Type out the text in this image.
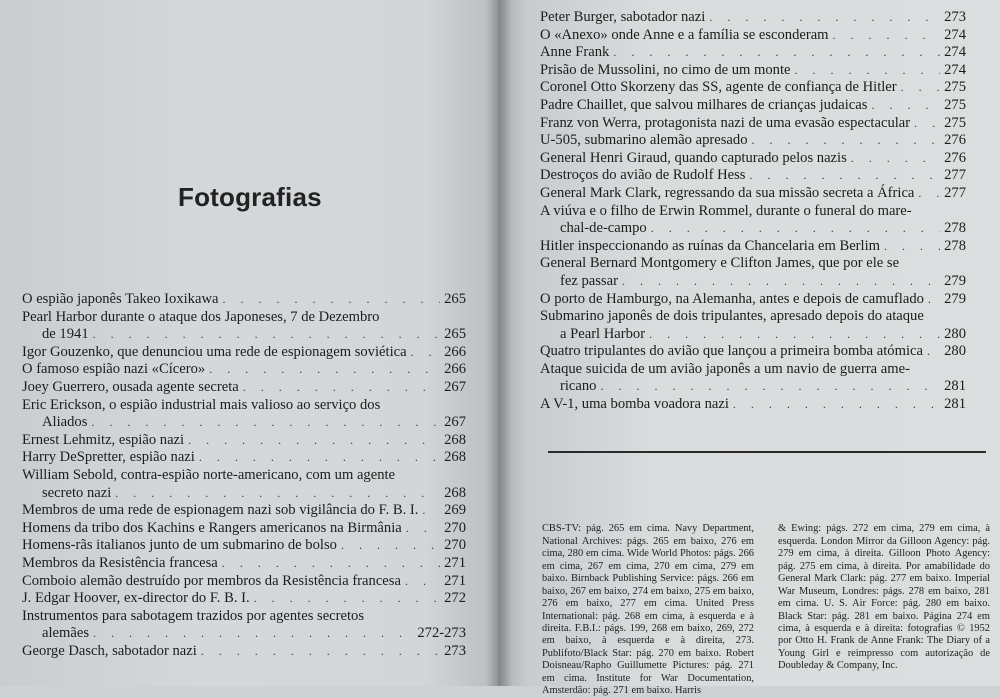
Fotografias
O espião japonês Takeo Ioxikawa . . .	265
Pearl Harbor durante o ataque dos Japoneses, 7 de Dezembro
de 1941 . . .	265
Igor Gouzenko, que denunciou uma rede de espionagem soviética . . .	266
O famoso espião nazi «Cícero» . . .	266
Joey Guerrero, ousada agente secreta . . .	267
Eric Erickson, o espião industrial mais valioso ao serviço dos
Aliados . . .	267
Ernest Lehmitz, espião nazi . . .	268
Harry DeSpretter, espião nazi . . .	268
William Sebold, contra-espião norte-americano, com um agente
secreto nazi . . .	268
Membros de uma rede de espionagem nazi sob vigilância do F. B. I. . . . 269
Homens da tribo dos Kachins e Rangers americanos na Birmânia . . .	270
Homens-rãs italianos junto de um submarino de bolso . . .	270
Membros da Resistência francesa . . .	271
Comboio alemão destruído por membros da Resistência francesa . . .	271
J. Edgar Hoover, ex-director do F. B. I. . . .	272
Instrumentos para sabotagem trazidos por agentes secretos
alemães . . .	272-273
George Dasch, sabotador nazi . . .	273
Peter Burger, sabotador nazi . . .	273
O «Anexo» onde Anne e a família se esconderam . . .	274
Anne Frank . . .	274
Prisão de Mussolini, no cimo de um monte . . .	274
Coronel Otto Skorzeny das SS, agente de confiança de Hitler . . .	275
Padre Chaillet, que salvou milhares de crianças judaicas . . .	275
Franz von Werra, protagonista nazi de uma evasão espectacular . . . 275
U-505, submarino alemão apresado . . .	276
General Henri Giraud, quando capturado pelos nazis . . .	276
Destroços do avião de Rudolf Hess . . .	277
General Mark Clark, regressando da sua missão secreta a África . . . 277
A viúva e o filho de Erwin Rommel, durante o funeral do mare-
chal-de-campo . . .	278
Hitler inspeccionando as ruínas da Chancelaria em Berlim . . .	278
General Bernard Montgomery e Clifton James, que por ele se
fez passar . . .	279
O porto de Hamburgo, na Alemanha, antes e depois de camuflado . . . 279
Submarino japonês de dois tripulantes, apresado depois do ataque
a Pearl Harbor . . .	280
Quatro tripulantes do avião que lançou a primeira bomba atómica . . . 280
Ataque suicida de um avião japonês a um navio de guerra ame-
ricano . . .	281
A V-1, uma bomba voadora nazi . . .	281

CBS-TV: pág. 265 em cima. Navy Department, National Archives: págs. 265 em baixo, 276 em cima, 280 em cima. Wide World Photos: págs. 266 em cima, 267 em cima, 270 em cima, 279 em baixo. Birnback Publishing Service: págs. 266 em baixo, 267 em baixo, 274 em baixo, 275 em baixo, 276 em baixo, 277 em cima. United Press International: pág. 268 em cima, à esquerda e à direita. F.B.I.: págs. 199, 268 em baixo, 269, 272 em baixo, à esquerda e à direita, 273. Publifoto/Black Star: pág. 270 em baixo. Robert Doisneau/Rapho Guillumette Pictures: pág. 271 em cima. Institute for War Documentation, Amsterdão: pág. 271 em baixo. Harris

& Ewing: págs. 272 em cima, 279 em cima, à esquerda. London Mirror da Gilloon Agency: pág. 279 em cima, à direita. Gilloon Photo Agency: pág. 275 em cima, à direita. Por amabilidade do General Mark Clark: pág. 277 em baixo. Imperial War Museum, Londres: págs. 278 em baixo, 281 em cima. U. S. Air Force: pág. 280 em baixo. Black Star: pág. 281 em baixo. Página 274 em cima, à esquerda e à direita: fotografias © 1952 por Otto H. Frank de Anne Frank: The Diary of a Young Girl e reimpresso com autorização de Doubleday & Company, Inc.
